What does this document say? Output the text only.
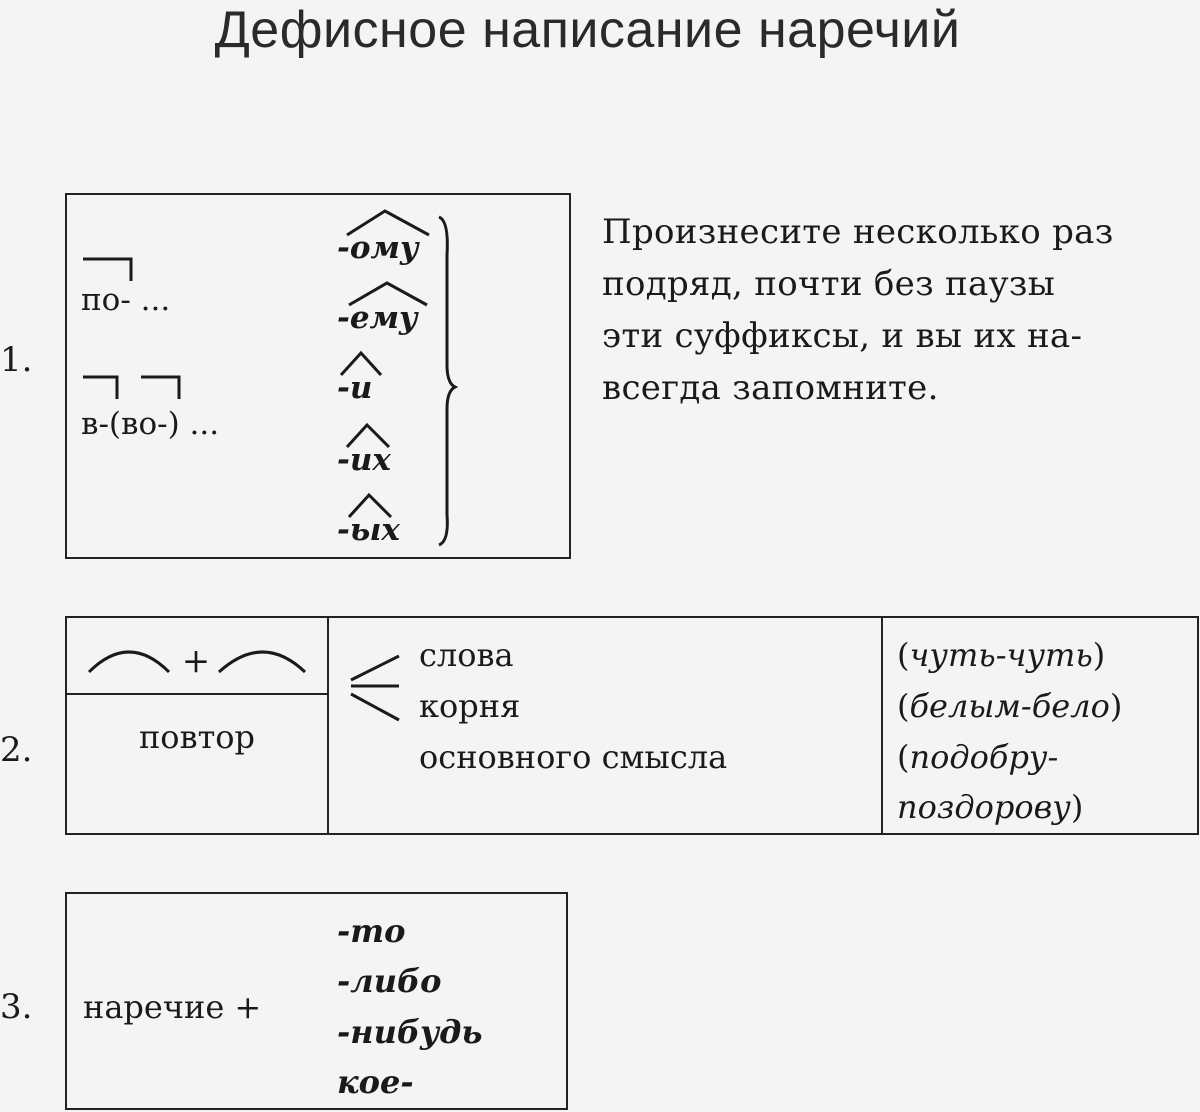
Дефисное написание наречий
1.
по- ...
в-(во-) ...
-ому
-ему
-и
-их
-ых
Произнесите несколько раз
подряд, почти без паузы
эти суффиксы, и вы их на-
всегда запомните.
2.
+
повтор
слова
корня
основного смысла
(чуть-чуть)
(белым-бело)
(подобру-
поздорову)
3. наречие +
-то
-либо
-нибудь
кое-
